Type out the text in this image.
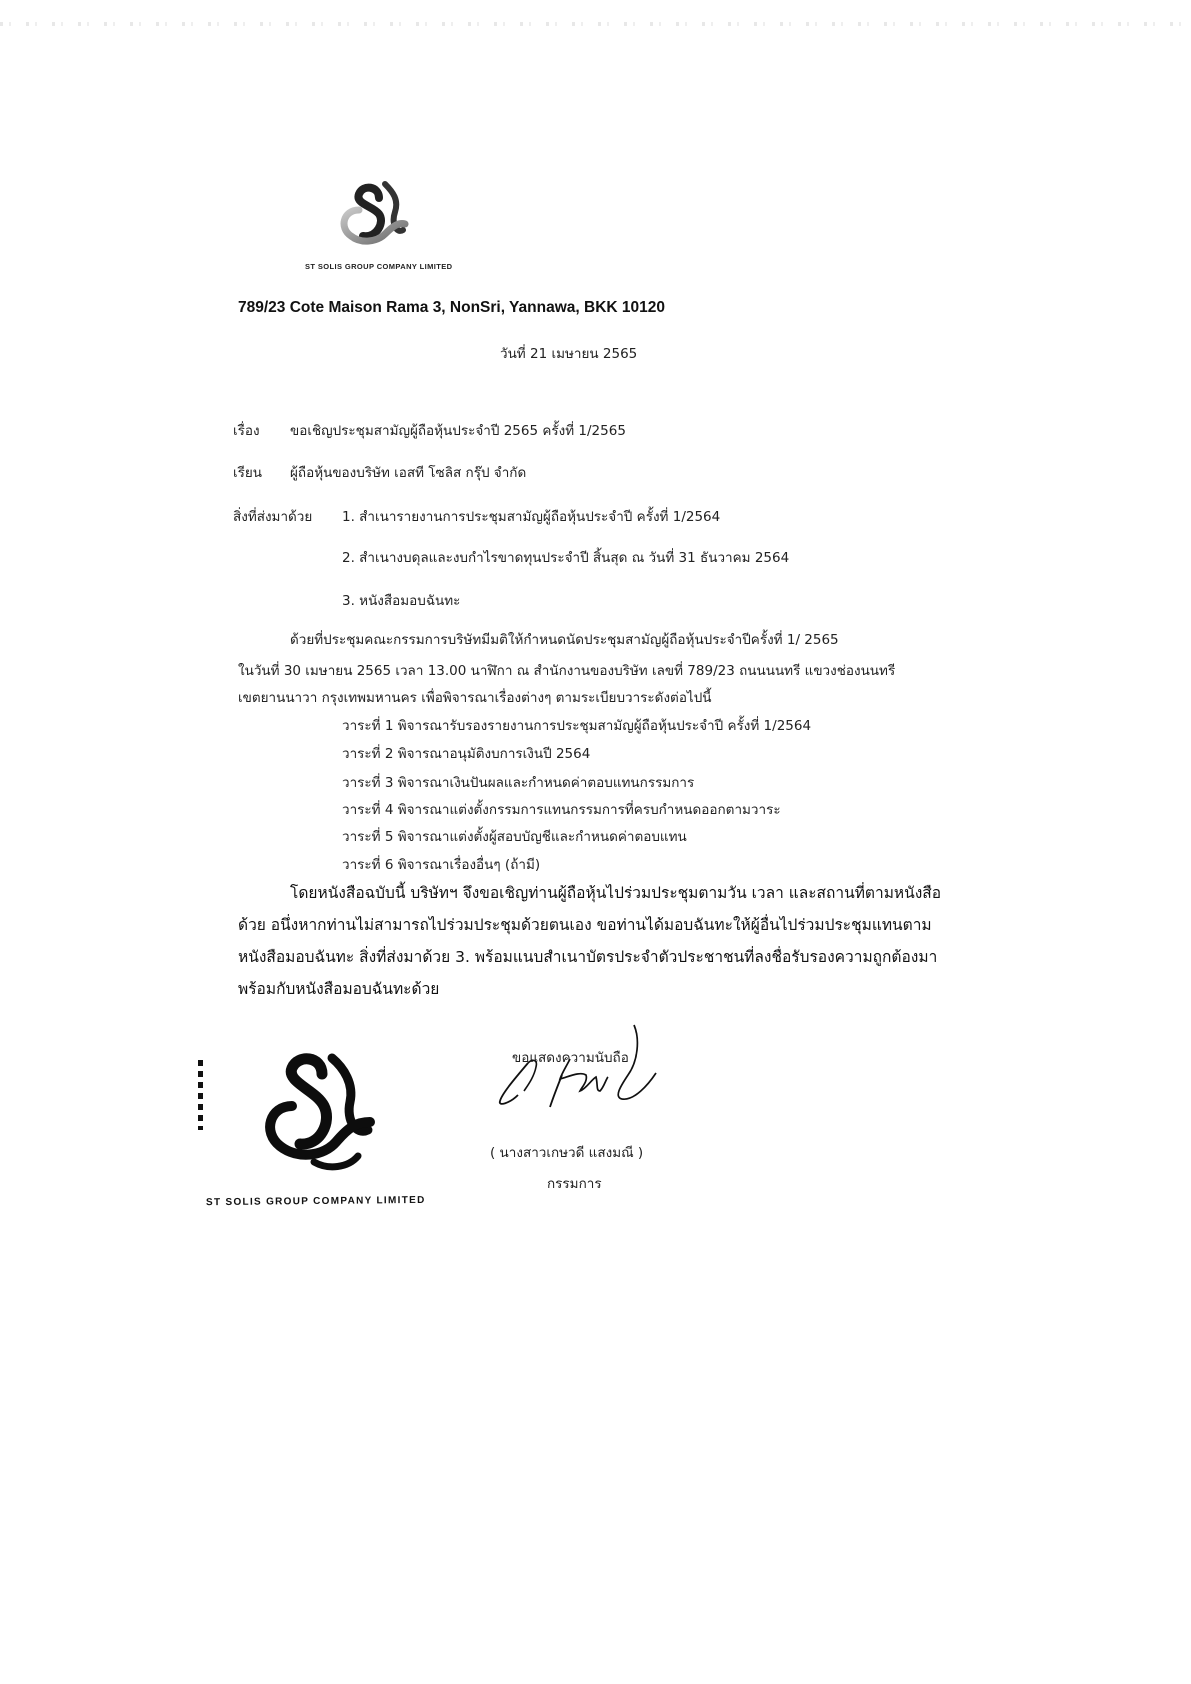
ST SOLIS GROUP COMPANY LIMITED
789/23 Cote Maison Rama 3, NonSri, Yannawa, BKK 10120
วันที่ 21 เมษายน 2565
เรื่อง ขอเชิญประชุมสามัญผู้ถือหุ้นประจำปี 2565 ครั้งที่ 1/2565
เรียน ผู้ถือหุ้นของบริษัท เอสที โซลิส กรุ๊ป จำกัด
สิ่งที่ส่งมาด้วย 1. สำเนารายงานการประชุมสามัญผู้ถือหุ้นประจำปี ครั้งที่ 1/2564
2. สำเนางบดุลและงบกำไรขาดทุนประจำปี สิ้นสุด ณ วันที่ 31 ธันวาคม 2564
3. หนังสือมอบฉันทะ
ด้วยที่ประชุมคณะกรรมการบริษัทมีมติให้กำหนดนัดประชุมสามัญผู้ถือหุ้นประจำปีครั้งที่ 1/ 2565
ในวันที่ 30 เมษายน 2565 เวลา 13.00 นาฬิกา ณ สำนักงานของบริษัท เลขที่ 789/23 ถนนนนทรี แขวงช่องนนทรี
เขตยานนาวา กรุงเทพมหานคร เพื่อพิจารณาเรื่องต่างๆ ตามระเบียบวาระดังต่อไปนี้
วาระที่ 1 พิจารณารับรองรายงานการประชุมสามัญผู้ถือหุ้นประจำปี ครั้งที่ 1/2564
วาระที่ 2 พิจารณาอนุมัติงบการเงินปี 2564
วาระที่ 3 พิจารณาเงินปันผลและกำหนดค่าตอบแทนกรรมการ
วาระที่ 4 พิจารณาแต่งตั้งกรรมการแทนกรรมการที่ครบกำหนดออกตามวาระ
วาระที่ 5 พิจารณาแต่งตั้งผู้สอบบัญชีและกำหนดค่าตอบแทน
วาระที่ 6 พิจารณาเรื่องอื่นๆ (ถ้ามี)
โดยหนังสือฉบับนี้ บริษัทฯ จึงขอเชิญท่านผู้ถือหุ้นไปร่วมประชุมตามวัน เวลา และสถานที่ตามหนังสือ
ด้วย อนึ่งหากท่านไม่สามารถไปร่วมประชุมด้วยตนเอง ขอท่านได้มอบฉันทะให้ผู้อื่นไปร่วมประชุมแทนตาม
หนังสือมอบฉันทะ สิ่งที่ส่งมาด้วย 3. พร้อมแนบสำเนาบัตรประจำตัวประชาชนที่ลงชื่อรับรองความถูกต้องมา
พร้อมกับหนังสือมอบฉันทะด้วย
ขอแสดงความนับถือ
( นางสาวเกษวดี แสงมณี )
กรรมการ
ST SOLIS GROUP COMPANY LIMITED
